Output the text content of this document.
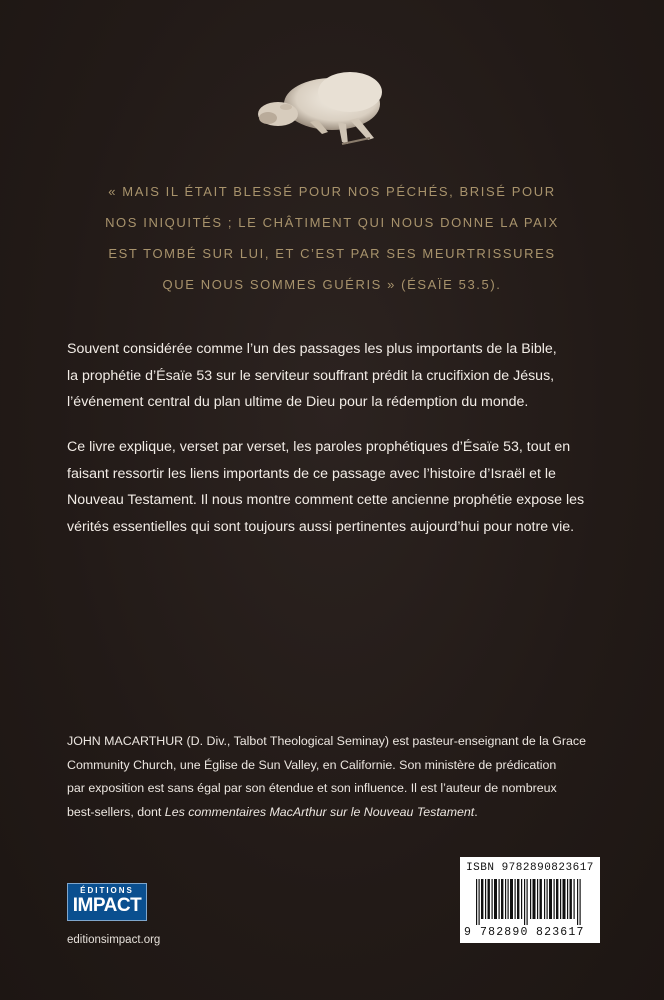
« MAIS IL ÉTAIT BLESSÉ POUR NOS PÉCHÉS, BRISÉ POUR
NOS INIQUITÉS ; LE CHÂTIMENT QUI NOUS DONNE LA PAIX
EST TOMBÉ SUR LUI, ET C’EST PAR SES MEURTRISSURES
QUE NOUS SOMMES GUÉRIS » (ÉSAÏE 53.5).
Souvent considérée comme l’un des passages les plus importants de la Bible,
la prophétie d’Ésaïe 53 sur le serviteur souffrant prédit la crucifixion de Jésus,
l’événement central du plan ultime de Dieu pour la rédemption du monde.
Ce livre explique, verset par verset, les paroles prophétiques d’Ésaïe 53, tout en
faisant ressortir les liens importants de ce passage avec l’histoire d’Israël et le
Nouveau Testament. Il nous montre comment cette ancienne prophétie expose les
vérités essentielles qui sont toujours aussi pertinentes aujourd’hui pour notre vie.
JOHN MACARTHUR (D. Div., Talbot Theological Seminay) est pasteur-enseignant de la Grace
Community Church, une Église de Sun Valley, en Californie. Son ministère de prédication
par exposition est sans égal par son étendue et son influence. Il est l’auteur de nombreux
best-sellers, dont Les commentaires MacArthur sur le Nouveau Testament.
ÉDITIONS
IMPACT
editionsimpact.org
ISBN 9782890823617
9 782890 823617
